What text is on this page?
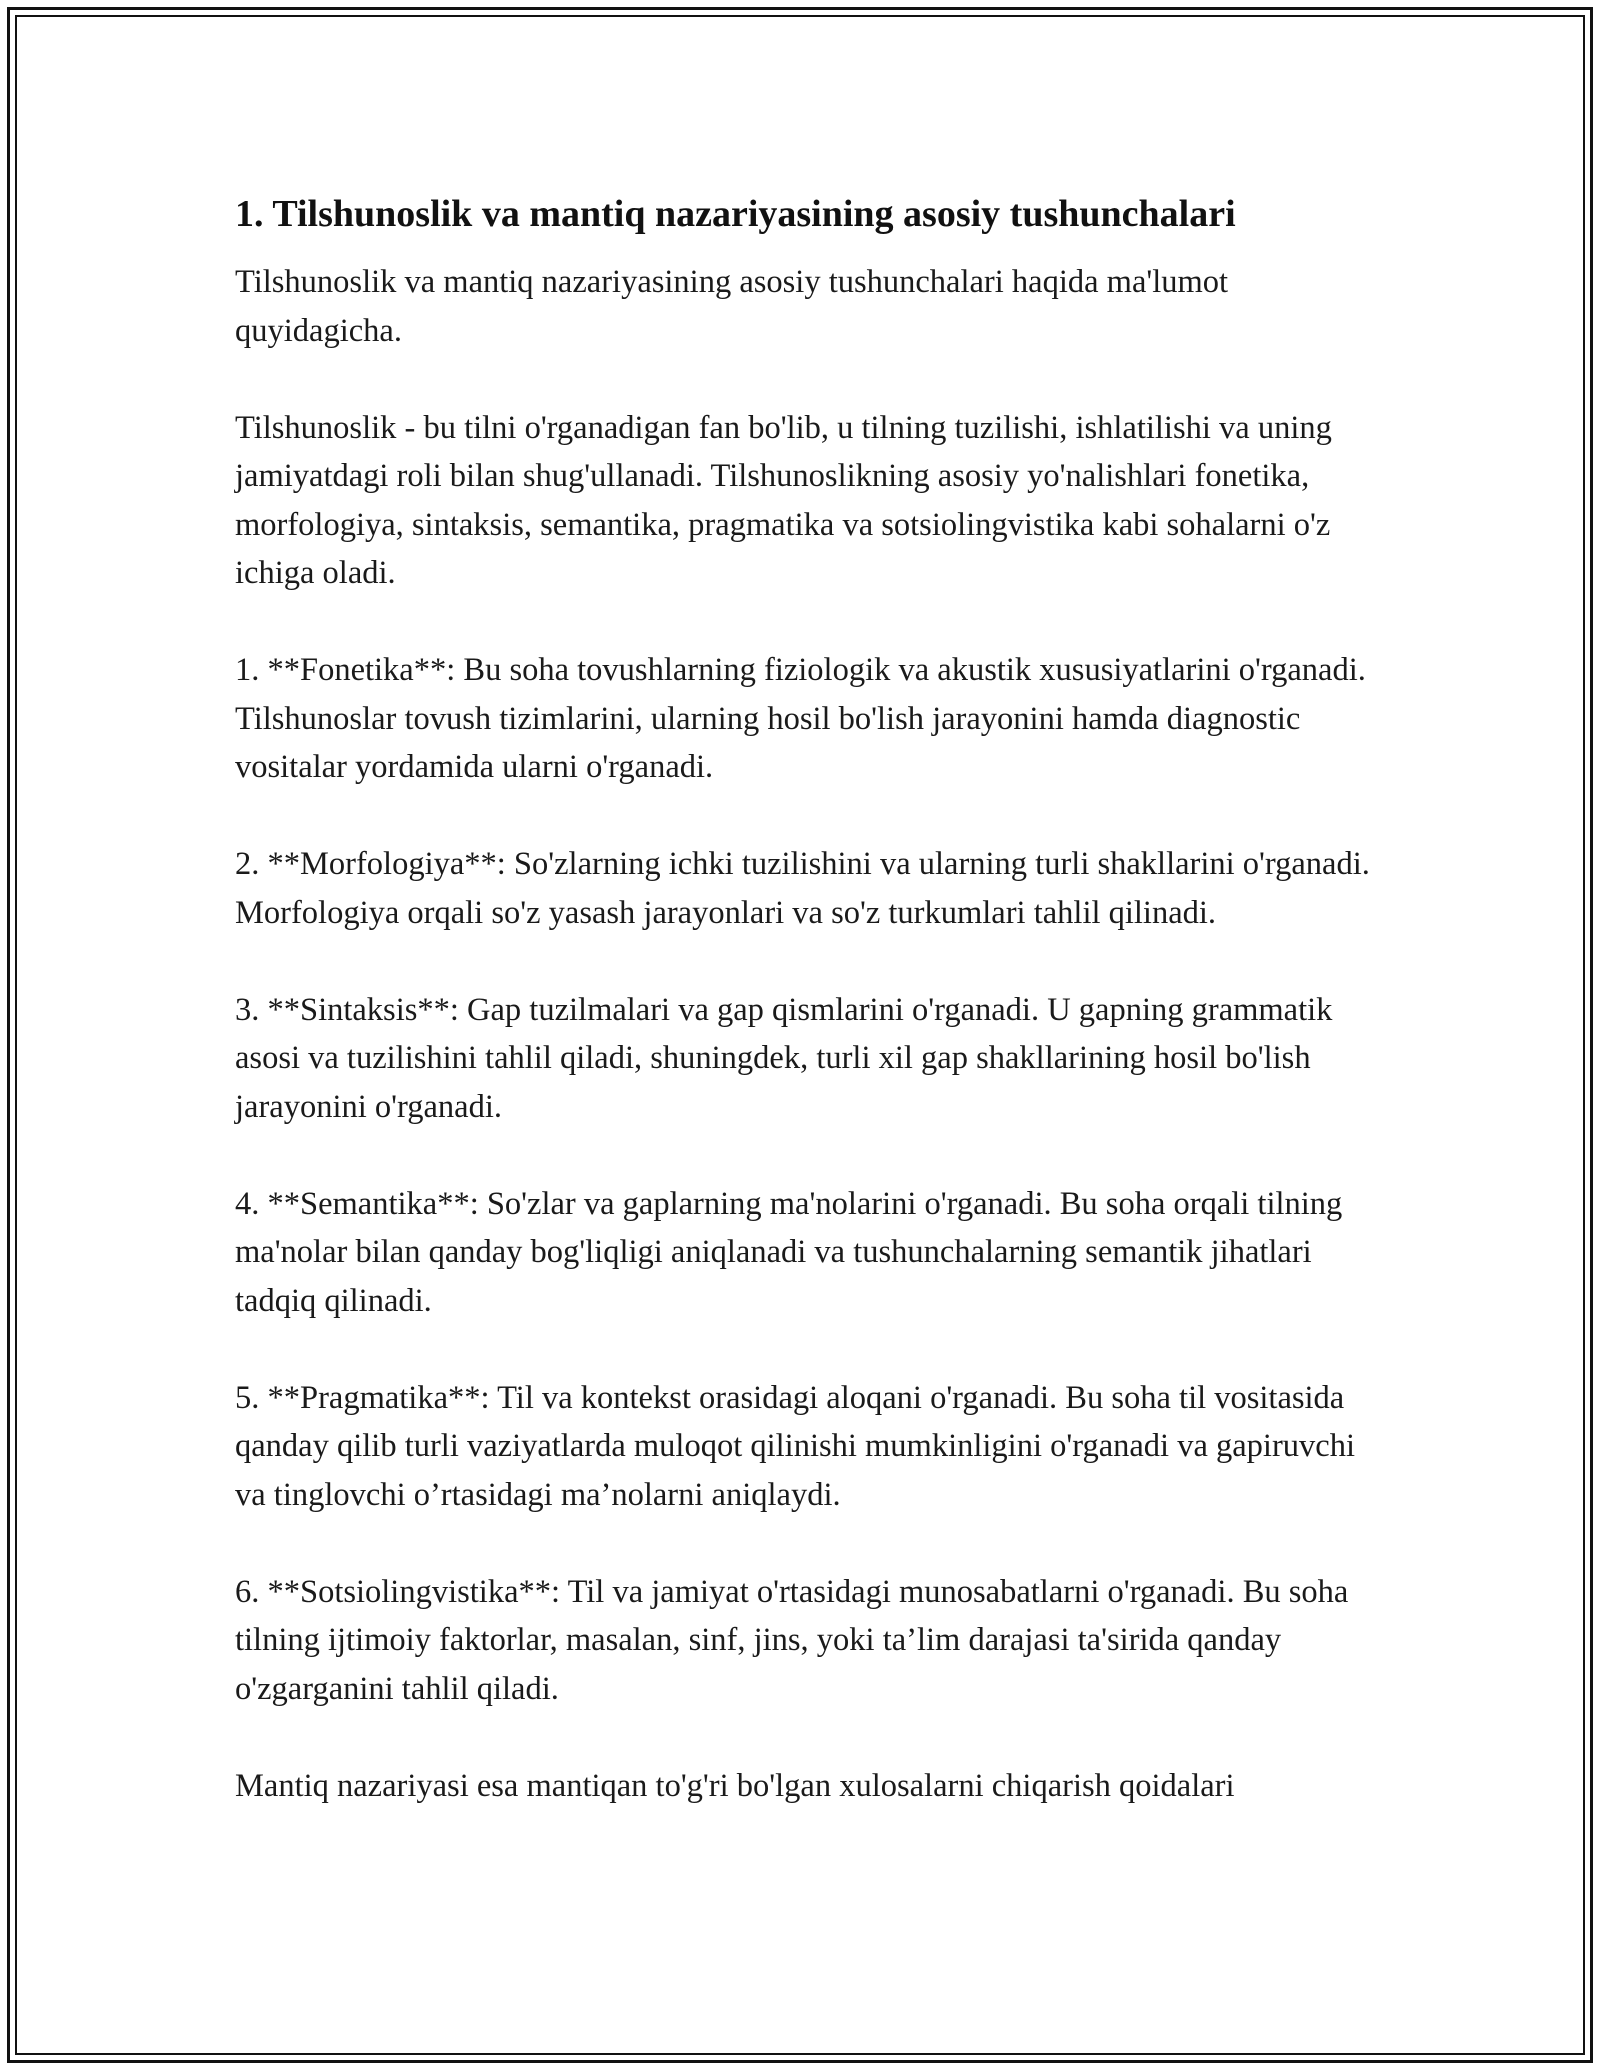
1. Tilshunoslik va mantiq nazariyasining asosiy tushunchalari

Tilshunoslik va mantiq nazariyasining asosiy tushunchalari haqida ma'lumot quyidagicha.

Tilshunoslik - bu tilni o'rganadigan fan bo'lib, u tilning tuzilishi, ishlatilishi va uning jamiyatdagi roli bilan shug'ullanadi. Tilshunoslikning asosiy yo'nalishlari fonetika, morfologiya, sintaksis, semantika, pragmatika va sotsiolingvistika kabi sohalarni o'z ichiga oladi.

1. **Fonetika**: Bu soha tovushlarning fiziologik va akustik xususiyatlarini o'rganadi. Tilshunoslar tovush tizimlarini, ularning hosil bo'lish jarayonini hamda diagnostic vositalar yordamida ularni o'rganadi.

2. **Morfologiya**: So'zlarning ichki tuzilishini va ularning turli shakllarini o'rganadi. Morfologiya orqali so'z yasash jarayonlari va so'z turkumlari tahlil qilinadi.

3. **Sintaksis**: Gap tuzilmalari va gap qismlarini o'rganadi. U gapning grammatik asosi va tuzilishini tahlil qiladi, shuningdek, turli xil gap shakllarining hosil bo'lish jarayonini o'rganadi.

4. **Semantika**: So'zlar va gaplarning ma'nolarini o'rganadi. Bu soha orqali tilning ma'nolar bilan qanday bog'liqligi aniqlanadi va tushunchalarning semantik jihatlari tadqiq qilinadi.

5. **Pragmatika**: Til va kontekst orasidagi aloqani o'rganadi. Bu soha til vositasida qanday qilib turli vaziyatlarda muloqot qilinishi mumkinligini o'rganadi va gapiruvchi va tinglovchi o’rtasidagi ma’nolarni aniqlaydi.

6. **Sotsiolingvistika**: Til va jamiyat o'rtasidagi munosabatlarni o'rganadi. Bu soha tilning ijtimoiy faktorlar, masalan, sinf, jins, yoki ta’lim darajasi ta'sirida qanday o'zgarganini tahlil qiladi.

Mantiq nazariyasi esa mantiqan to'g'ri bo'lgan xulosalarni chiqarish qoidalari
